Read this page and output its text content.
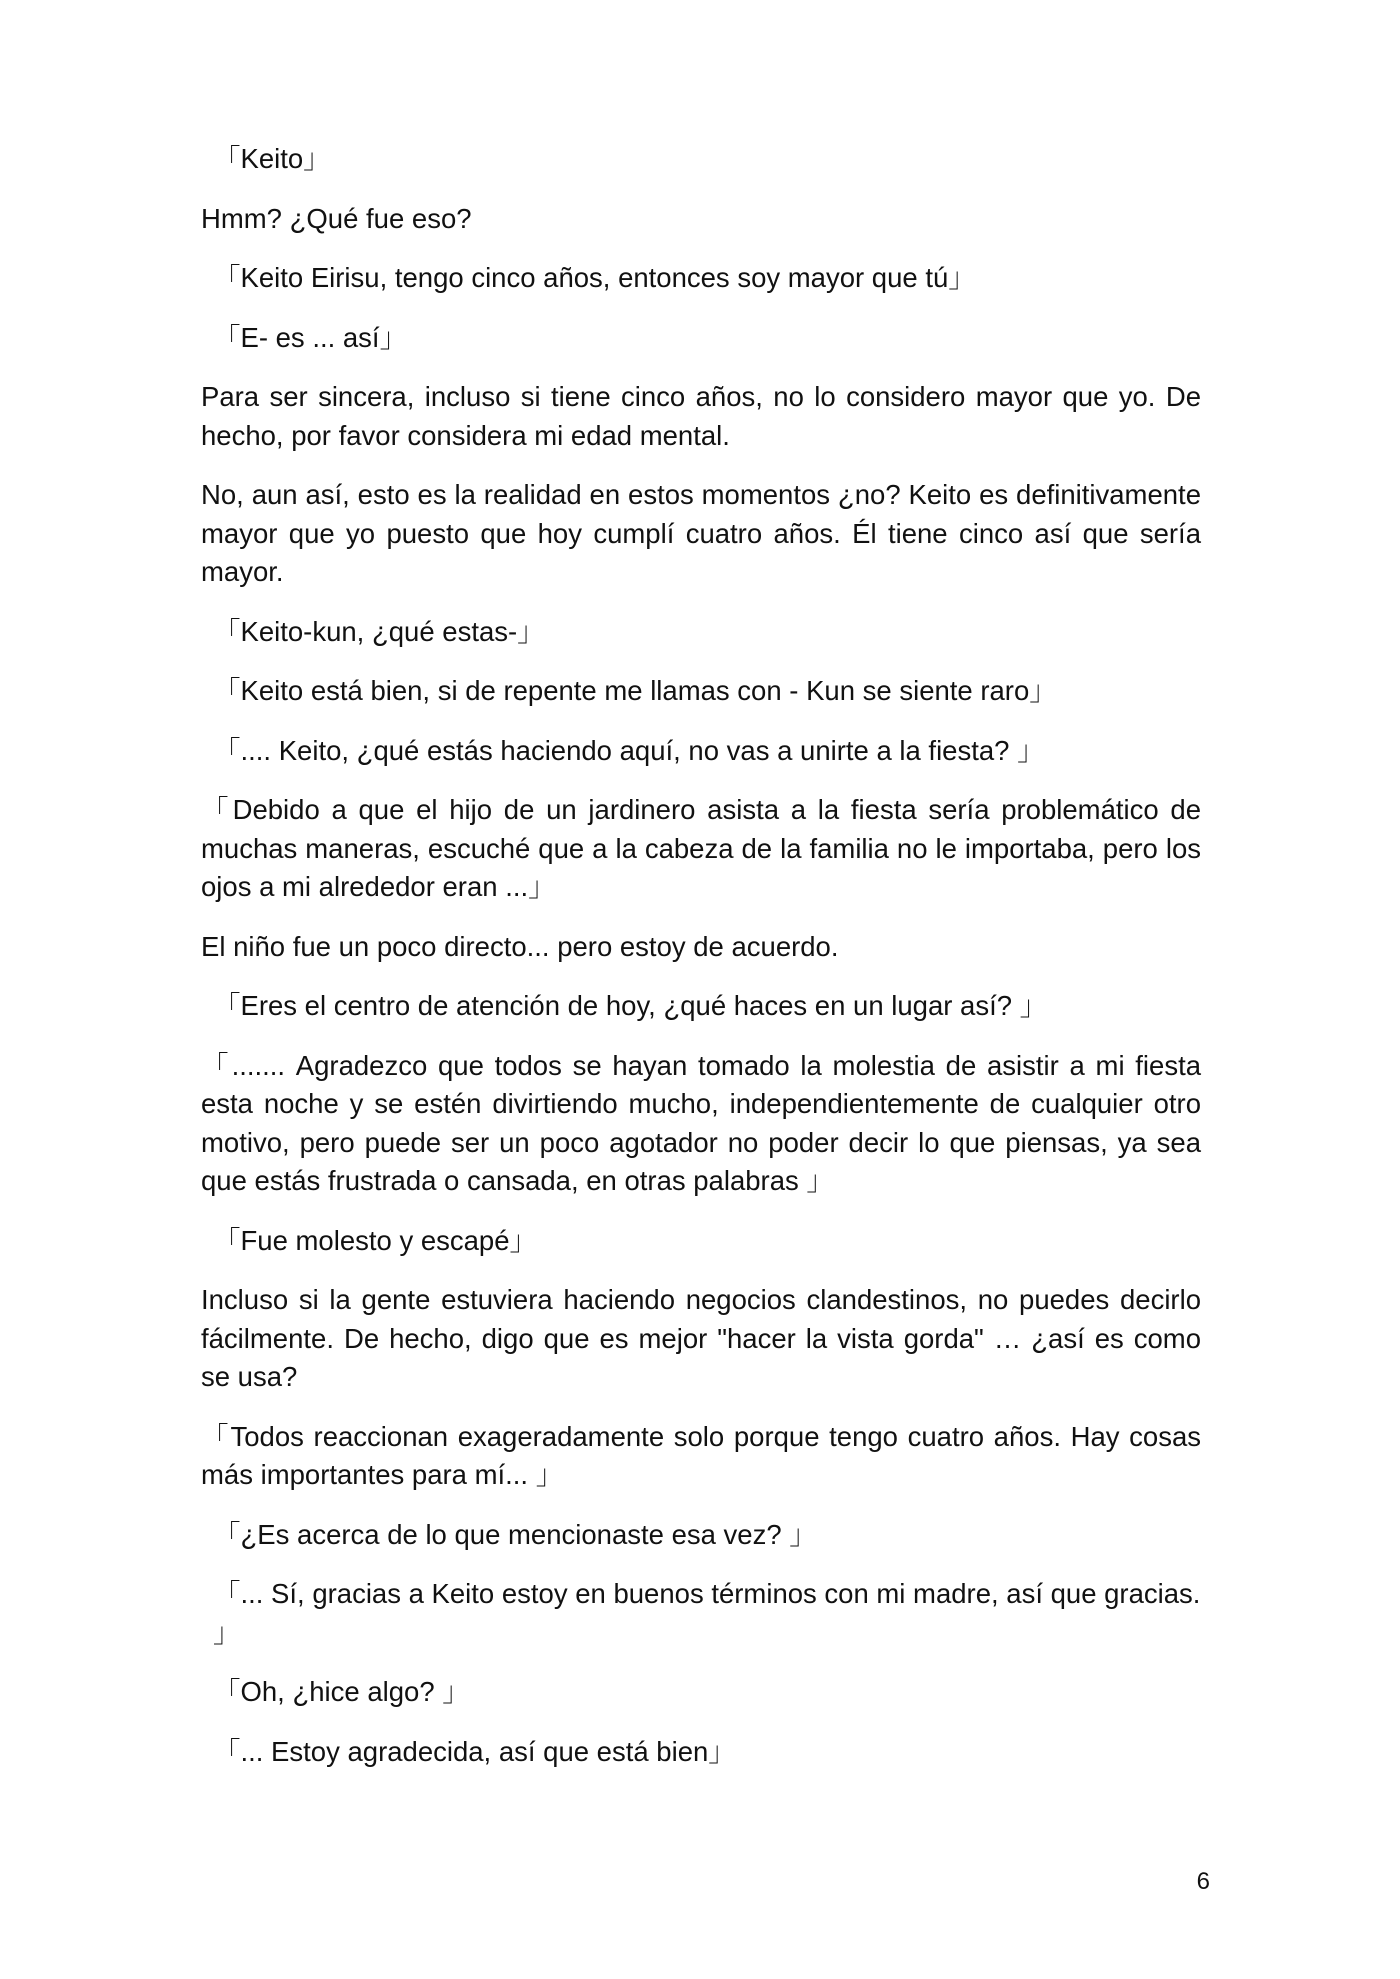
「Keito」

Hmm? ¿Qué fue eso?

「Keito Eirisu, tengo cinco años, entonces soy mayor que tú」

「E- es ... así」

Para ser sincera, incluso si tiene cinco años, no lo considero mayor que yo. De hecho, por favor considera mi edad mental.

No, aun así, esto es la realidad en estos momentos ¿no? Keito es definitivamente mayor que yo puesto que hoy cumplí cuatro años. Él tiene cinco así que sería mayor.

「Keito-kun, ¿qué estas-」

「Keito está bien, si de repente me llamas con - Kun se siente raro」

「.... Keito, ¿qué estás haciendo aquí, no vas a unirte a la fiesta? 」

「Debido a que el hijo de un jardinero asista a la fiesta sería problemático de muchas maneras, escuché que a la cabeza de la familia no le importaba, pero los ojos a mi alrededor eran ...」

El niño fue un poco directo... pero estoy de acuerdo.

「Eres el centro de atención de hoy, ¿qué haces en un lugar así? 」

「....... Agradezco que todos se hayan tomado la molestia de asistir a mi fiesta esta noche y se estén divirtiendo mucho, independientemente de cualquier otro motivo, pero puede ser un poco agotador no poder decir lo que piensas, ya sea que estás frustrada o cansada, en otras palabras 」

「Fue molesto y escapé」

Incluso si la gente estuviera haciendo negocios clandestinos, no puedes decirlo fácilmente. De hecho, digo que es mejor "hacer la vista gorda" … ¿así es como se usa?

「Todos reaccionan exageradamente solo porque tengo cuatro años. Hay cosas más importantes para mí... 」

「¿Es acerca de lo que mencionaste esa vez? 」

「... Sí, gracias a Keito estoy en buenos términos con mi madre, así que gracias. 」

「Oh, ¿hice algo? 」

「... Estoy agradecida, así que está bien」

6
